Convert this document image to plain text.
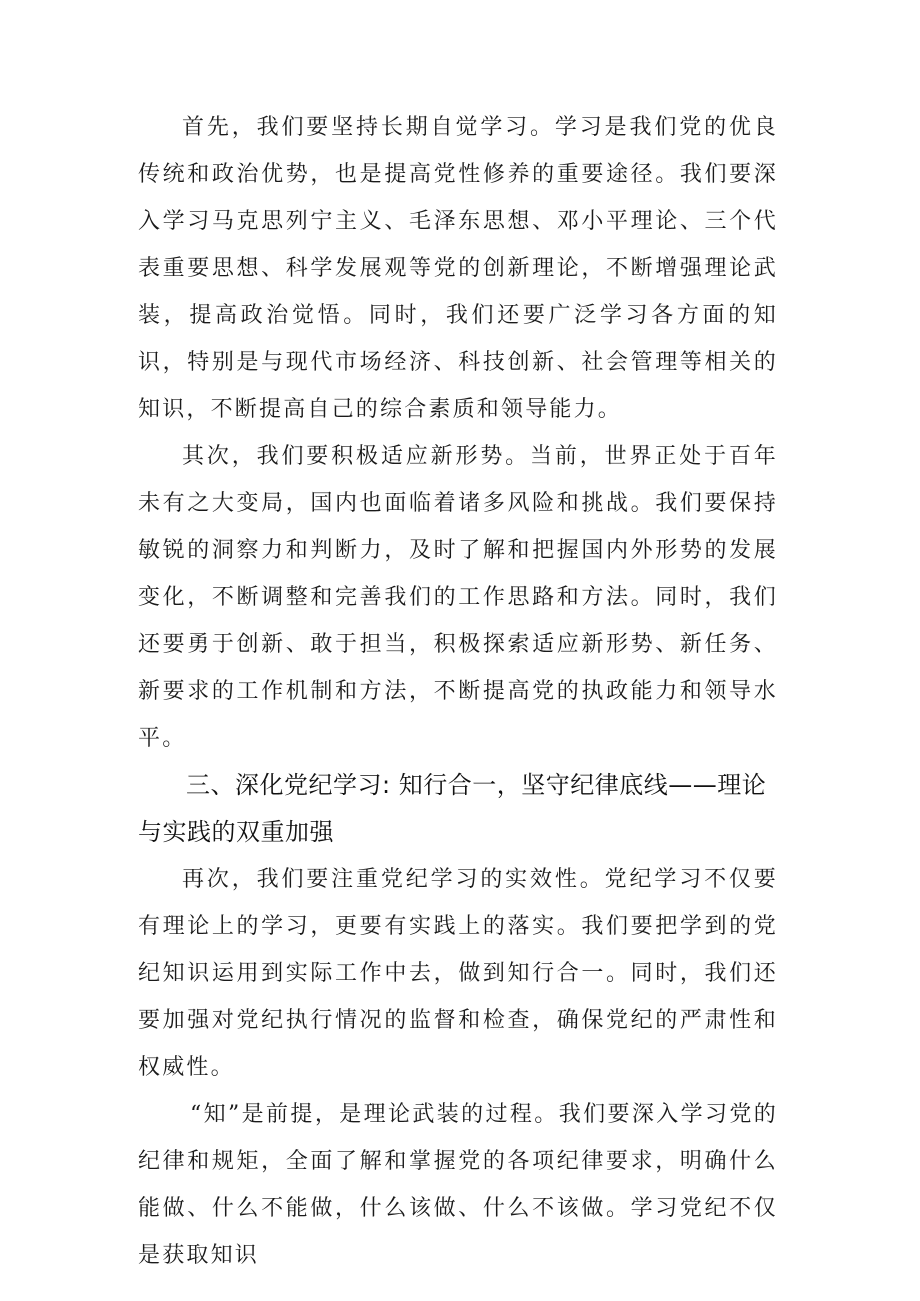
首先，我们要坚持长期自觉学习。学习是我们党的优良传统和政治优势，也是提高党性修养的重要途径。我们要深入学习马克思列宁主义、毛泽东思想、邓小平理论、三个代表重要思想、科学发展观等党的创新理论，不断增强理论武装，提高政治觉悟。同时，我们还要广泛学习各方面的知识，特别是与现代市场经济、科技创新、社会管理等相关的知识，不断提高自己的综合素质和领导能力。

其次，我们要积极适应新形势。当前，世界正处于百年未有之大变局，国内也面临着诸多风险和挑战。我们要保持敏锐的洞察力和判断力，及时了解和把握国内外形势的发展变化，不断调整和完善我们的工作思路和方法。同时，我们还要勇于创新、敢于担当，积极探索适应新形势、新任务、新要求的工作机制和方法，不断提高党的执政能力和领导水平。

三、深化党纪学习: 知行合一，坚守纪律底线——理论与实践的双重加强

再次，我们要注重党纪学习的实效性。党纪学习不仅要有理论上的学习，更要有实践上的落实。我们要把学到的党纪知识运用到实际工作中去，做到知行合一。同时，我们还要加强对党纪执行情况的监督和检查，确保党纪的严肃性和权威性。

“知”是前提，是理论武装的过程。我们要深入学习党的纪律和规矩，全面了解和掌握党的各项纪律要求，明确什么能做、什么不能做，什么该做、什么不该做。学习党纪不仅是获取知识
